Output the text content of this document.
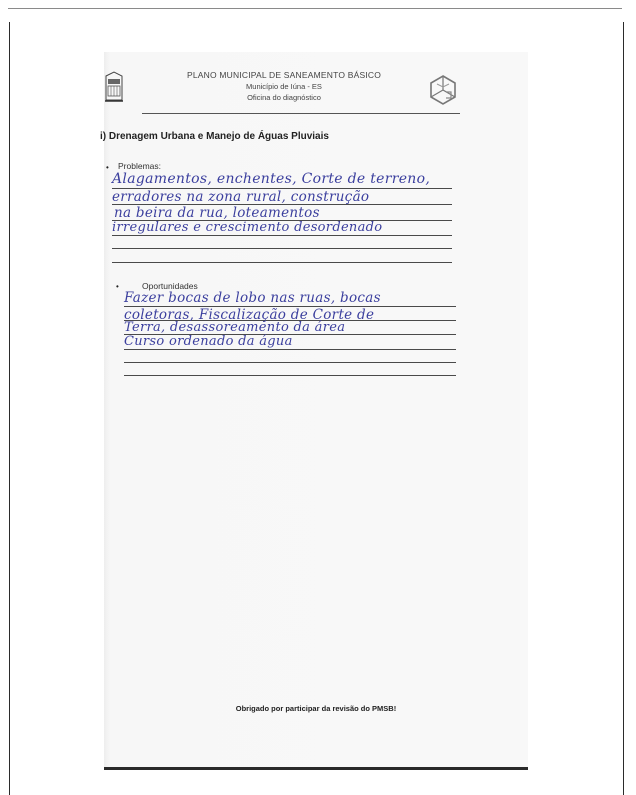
PLANO MUNICIPAL DE SANEAMENTO BÁSICO
Município de Iúna - ES
Oficina do diagnóstico
i) Drenagem Urbana e Manejo de Águas Pluviais
• Problemas:
Alagamentos, enchentes, Corte de terreno,
erradores na zona rural, construção
na beira da rua, loteamentos
irregulares e crescimento desordenado
•	Oportunidades
Fazer bocas de lobo nas ruas, bocas
coletoras, Fiscalização de Corte de
Terra, desassoreamento da área
Curso ordenado da água
Obrigado por participar da revisão do PMSB!
